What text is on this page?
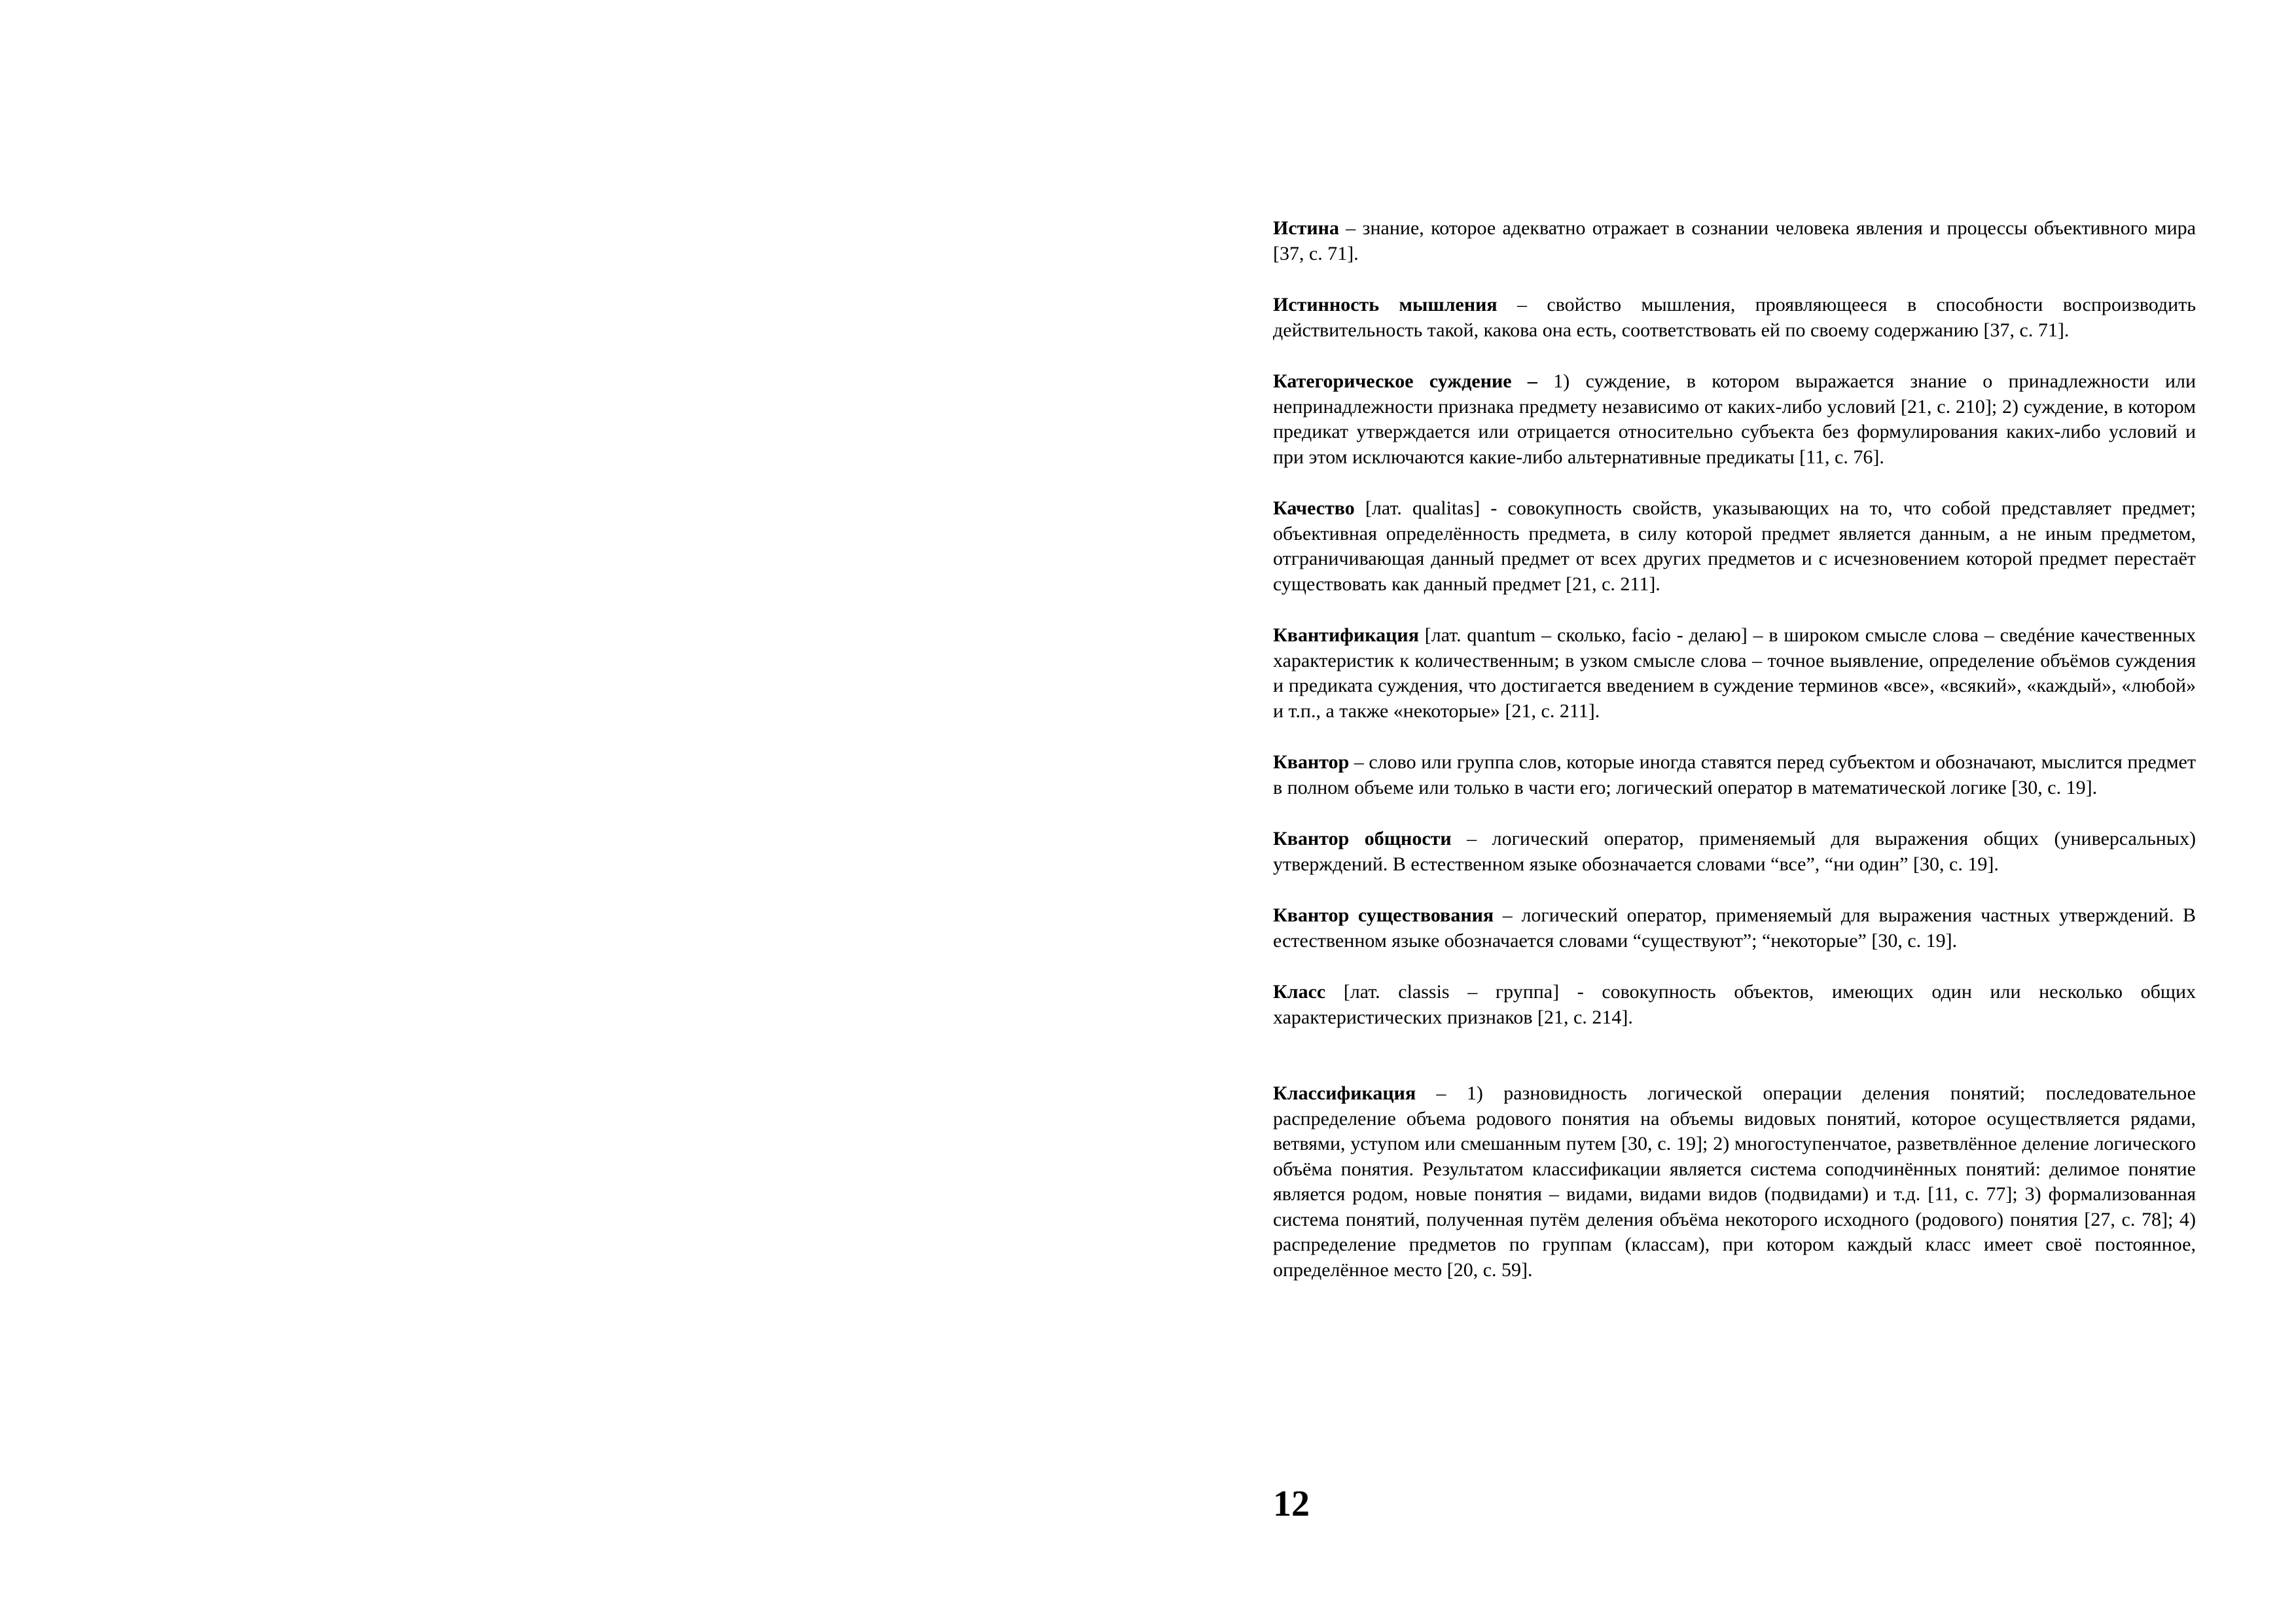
Истина – знание, которое адекватно отражает в сознании человека явления и процессы объективного мира [37, с. 71].

Истинность мышления – свойство мышления, проявляющееся в способности воспроизводить действительность такой, какова она есть, соответствовать ей по своему содержанию [37, с. 71].

Категорическое суждение – 1) суждение, в котором выражается знание о принадлежности или непринадлежности признака предмету независимо от каких-либо условий [21, с. 210]; 2) суждение, в котором предикат утверждается или отрицается относительно субъекта без формулирования каких-либо условий и при этом исключаются какие-либо альтернативные предикаты [11, с. 76].

Качество [лат. qualitas] - совокупность свойств, указывающих на то, что собой представляет предмет; объективная определённость предмета, в силу которой предмет является данным, а не иным предметом, отграничивающая данный предмет от всех других предметов и с исчезновением которой предмет перестаёт существовать как данный предмет [21, с. 211].

Квантификация [лат. quantum – сколько, facio - делаю] – в широком смысле слова – сведéние качественных характеристик к количественным; в узком смысле слова – точное выявление, определение объёмов суждения и предиката суждения, что достигается введением в суждение терминов «все», «всякий», «каждый», «любой» и т.п., а также «некоторые» [21, с. 211].

Квантор – слово или группа слов, которые иногда ставятся перед субъектом и обозначают, мыслится предмет в полном объеме или только в части его; логический оператор в математической логике [30, с. 19].

Квантор общности – логический оператор, применяемый для выражения общих (универсальных) утверждений. В естественном языке обозначается словами “все”, “ни один” [30, с. 19].

Квантор существования – логический оператор, применяемый для выражения частных утверждений. В естественном языке обозначается словами “существуют”; “некоторые” [30, с. 19].

Класс [лат. classis – группа] - совокупность объектов, имеющих один или несколько общих характеристических признаков [21, с. 214].

Классификация – 1) разновидность логической операции деления понятий; последовательное распределение объема родового понятия на объемы видовых понятий, которое осуществляется рядами, ветвями, уступом или смешанным путем [30, с. 19]; 2) многоступенчатое, разветвлённое деление логического объёма понятия. Результатом классификации является система соподчинённых понятий: делимое понятие является родом, новые понятия – видами, видами видов (подвидами) и т.д. [11, с. 77]; 3) формализованная система понятий, полученная путём деления объёма некоторого исходного (родового) понятия [27, с. 78]; 4) распределение предметов по группам (классам), при котором каждый класс имеет своё постоянное, определённое место [20, с. 59].

12
